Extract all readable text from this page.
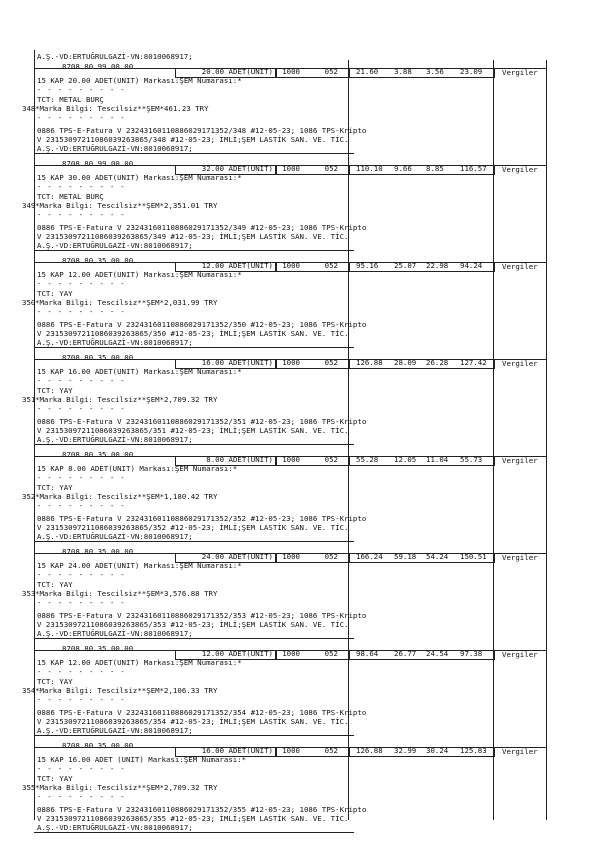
A.Ş.-VD:ERTUĞRULGAZİ-VN:8010068917;
8708.80.99.00.00
20.00 ADET(UNIT)	1000	052 21.60 3.88 3.56 23.09	Vergiler
15 KAP 20.00 ADET(UNIT) Markası:ŞEM Numarası:*
- - - - - - - - -
TCT: METAL BURÇ
348 *Marka Bilgi: Tescilsiz**ŞEM*461.23 TRY
- - - - - - - - -
0886 TPS-E-Fatura V 23243160110886029171352/348 #12-05-23; 1086 TPS-Kripto
V 23153097211086039263865/348 #12-05-23; İMLİ;ŞEM LASTİK SAN. VE. TİC.
A.Ş.-VD:ERTUĞRULGAZİ-VN:8010068917;
8708.80.99.00.00
32.00 ADET(UNIT)	1000	052 110.10 9.66 8.85 116.57 Vergiler
15 KAP 30.00 ADET(UNIT) Markası:ŞEM Numarası:*
- - - - - - - - -
TCT: METAL BURÇ
349 *Marka Bilgi: Tescilsiz**ŞEM*2,351.01 TRY
- - - - - - - - -
0886 TPS-E-Fatura V 23243160110886029171352/349 #12-05-23; 1086 TPS-Kripto
V 23153097211086039263865/349 #12-05-23; İMLİ;ŞEM LASTİK SAN. VE. TİC.
A.Ş.-VD:ERTUĞRULGAZİ-VN:8010068917;
8708.80.35.00.00
12.00 ADET(UNIT)	1000	052 95.16 25.07 22.98 94.24	Vergiler
15 KAP 12.00 ADET(UNIT) Markası:ŞEM Numarası:*
- - - - - - - - -
TCT: YAY
350 *Marka Bilgi: Tescilsiz**ŞEM*2,031.99 TRY
- - - - - - - - -
0886 TPS-E-Fatura V 23243160110886029171352/350 #12-05-23; 1086 TPS-Kripto
V 23153097211086039263865/350 #12-05-23; İMLİ;ŞEM LASTİK SAN. VE. TİC.
A.Ş.-VD:ERTUĞRULGAZİ-VN:8010068917;
8708.80.35.00.00
16.00 ADET(UNIT)	1000	052 126.88 28.09 26.28 127.42 Vergiler
15 KAP 16.00 ADET(UNIT) Markası:ŞEM Numarası:*
- - - - - - - - -
TCT: YAY
351 *Marka Bilgi: Tescilsiz**ŞEM*2,709.32 TRY
- - - - - - - - -
0886 TPS-E-Fatura V 23243160110886029171352/351 #12-05-23; 1086 TPS-Kripto
V 23153097211086039263865/351 #12-05-23; İMLİ;ŞEM LASTİK SAN. VE. TİC.
A.Ş.-VD:ERTUĞRULGAZİ-VN:8010068917;
8708.80.35.00.00
8.00 ADET(UNIT)	1000	052 55.28 12.05 11.04 55.73	Vergiler
15 KAP 8.00 ADET(UNIT) Markası:ŞEM Numarası:*
- - - - - - - - -
TCT: YAY
352 *Marka Bilgi: Tescilsiz**ŞEM*1,180.42 TRY
- - - - - - - - -
0886 TPS-E-Fatura V 23243160110886029171352/352 #12-05-23; 1086 TPS-Kripto
V 23153097211086039263865/352 #12-05-23; İMLİ;ŞEM LASTİK SAN. VE. TİC.
A.Ş.-VD:ERTUĞRULGAZİ-VN:8010068917;
8708.80.35.00.00
24.00 ADET(UNIT)	1000	052 166.24 59.18 54.24 150.51 Vergiler
15 KAP 24.00 ADET(UNIT) Markası:ŞEM Numarası:*
- - - - - - - - -
TCT: YAY
353 *Marka Bilgi: Tescilsiz**ŞEM*3,576.88 TRY
- - - - - - - - -
0886 TPS-E-Fatura V 23243160110886029171352/353 #12-05-23; 1086 TPS-Kripto
V 23153097211086039263865/353 #12-05-23; İMLİ;ŞEM LASTİK SAN. VE. TİC.
A.Ş.-VD:ERTUĞRULGAZİ-VN:8010068917;
8708.80.35.00.00
12.00 ADET(UNIT)	1000	052 98.64 26.77 24.54 97.38	Vergiler
15 KAP 12.00 ADET(UNIT) Markası:ŞEM Numarası:*
- - - - - - - - -
TCT: YAY
354 *Marka Bilgi: Tescilsiz**ŞEM*2,106.33 TRY
- - - - - - - - -
0886 TPS-E-Fatura V 23243160110886029171352/354 #12-05-23; 1086 TPS-Kripto
V 23153097211086039263865/354 #12-05-23; İMLİ;ŞEM LASTİK SAN. VE. TİC.
A.Ş.-VD:ERTUĞRULGAZİ-VN:8010068917;
8708.80.35.00.00
16.00 ADET(UNIT)	1000	052 126.88 32.99 30.24 125.83 Vergiler
15 KAP 16.00 ADET (UNIT) Markası:ŞEM Numarası:*
- - - - - - - - -
TCT: YAY
355 *Marka Bilgi: Tescilsiz**ŞEM*2,709.32 TRY
- - - - - - - - -
0886 TPS-E-Fatura V 23243160110886029171352/355 #12-05-23; 1086 TPS-Kripto
V 23153097211086039263865/355 #12-05-23; İMLİ;ŞEM LASTİK SAN. VE. TİC.
A.Ş.-VD:ERTUĞRULGAZİ-VN:8010068917;
